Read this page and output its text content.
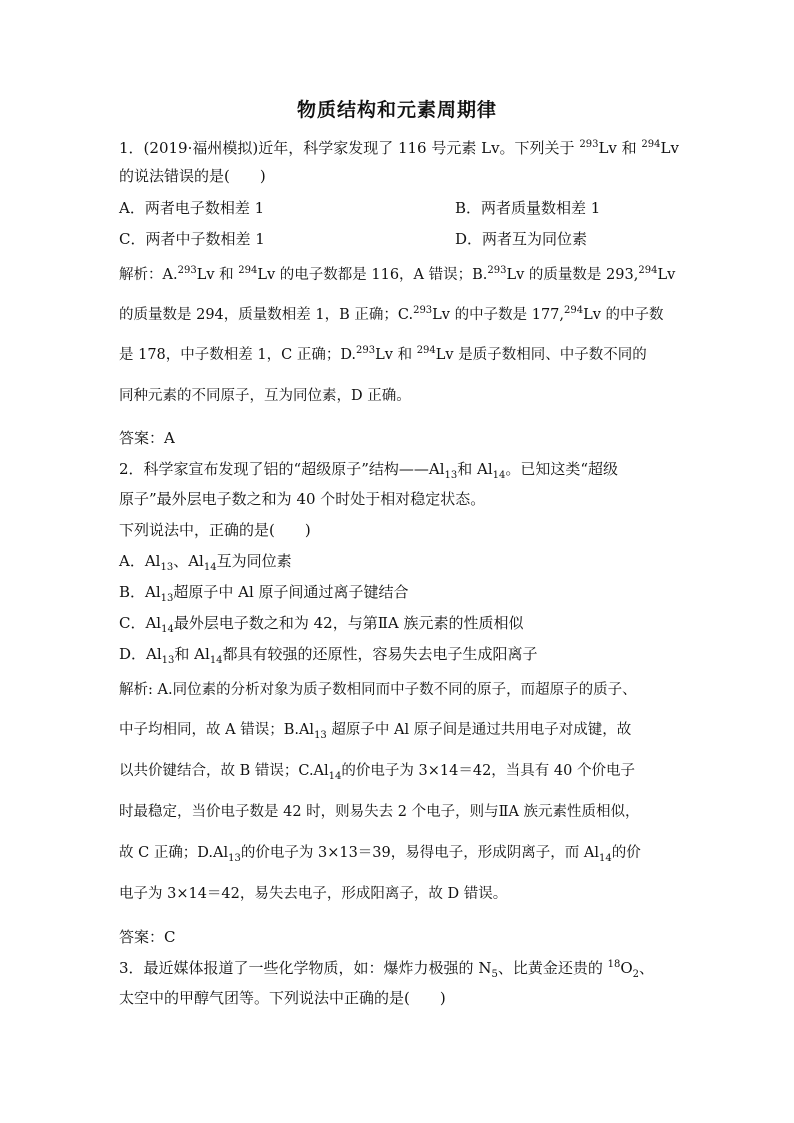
物质结构和元素周期律
1．(2019·福州模拟)近年，科学家发现了 116 号元素 Lv。下列关于 $^{293}$Lv 和 $^{294}$Lv
的说法错误的是(　　)
A．两者电子数相差 1	B．两者质量数相差 1
C．两者中子数相差 1	D．两者互为同位素
解析：A.$^{293}$Lv 和 $^{294}$Lv 的电子数都是 116，A 错误；B.$^{293}$Lv 的质量数是 293,$^{294}$Lv
的质量数是 294，质量数相差 1，B 正确；C.$^{293}$Lv 的中子数是 177,$^{294}$Lv 的中子数
是 178，中子数相差 1，C 正确；D.$^{293}$Lv 和 $^{294}$Lv 是质子数相同、中子数不同的
同种元素的不同原子，互为同位素，D 正确。
答案：A
2．科学家宣布发现了铝的“超级原子”结构$——Al_{13}$和 $Al_{14}$。已知这类“超级
原子”最外层电子数之和为 40 个时处于相对稳定状态。
下列说法中，正确的是(　　)
A．$Al_{13}$、$Al_{14}$互为同位素
B．$Al_{13}$超原子中 Al 原子间通过离子键结合
C．$Al_{14}$最外层电子数之和为 42，与第ⅡA 族元素的性质相似
D．$Al_{13}$和 $Al_{14}$都具有较强的还原性，容易失去电子生成阳离子
解析: A.同位素的分析对象为质子数相同而中子数不同的原子，而超原子的质子、
中子均相同，故 A 错误；$B.Al_{13}$ 超原子中 Al 原子间是通过共用电子对成键，故
以共价键结合，故 B 错误；$C.Al_{14}$的价电子为 3×14＝42，当具有 40 个价电子
时最稳定，当价电子数是 42 时，则易失去 2 个电子，则与ⅡA 族元素性质相似，
故 C 正确；$D.Al_{13}$的价电子为 3×13＝39，易得电子，形成阴离子，而 $Al_{14}$的价
电子为 3×14＝42，易失去电子，形成阳离子，故 D 错误。
答案：C
3．最近媒体报道了一些化学物质，如：爆炸力极强的 $N_5$、比黄金还贵的 $^{18}O_2$、
太空中的甲醇气团等。下列说法中正确的是(　　)
